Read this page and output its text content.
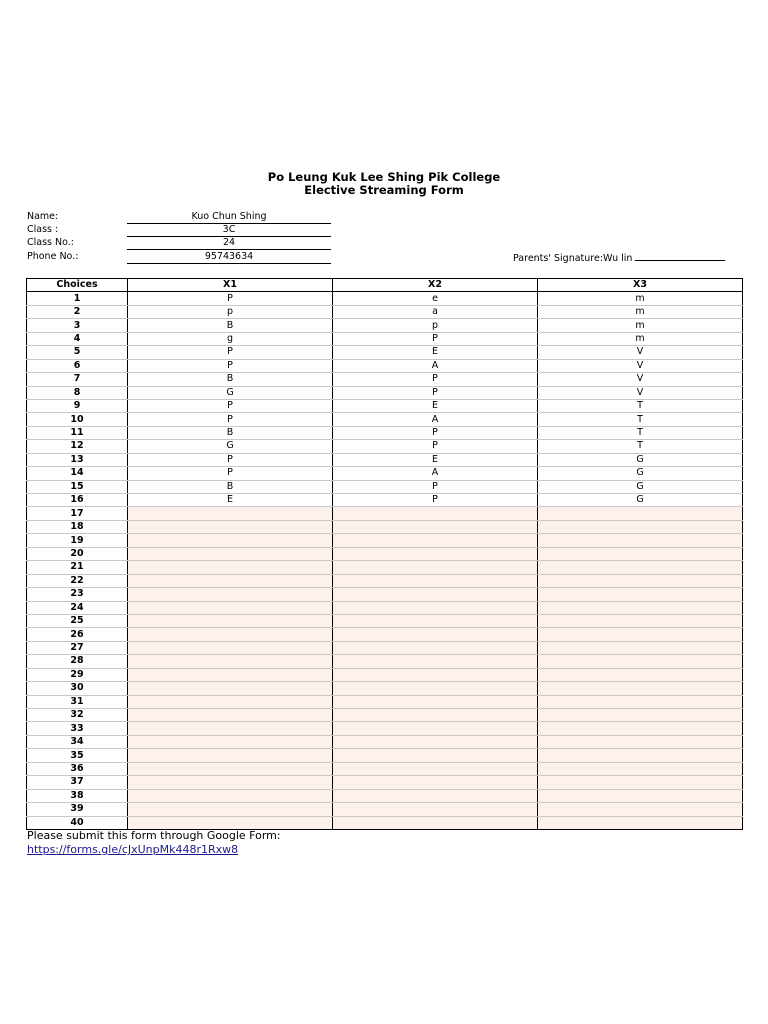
Po Leung Kuk Lee Shing Pik College
Elective Streaming Form
Name:	Kuo Chun Shing
Class :	3C
Class No.:	24
Phone No.:	95743634	Parents' Signature:Wu lin
Choices	X1	X2	X3
1	P	e	m
2	p	a	m
3	B	p	m
4	g	P	m
5	P	E	V
6	P	A	V
7	B	P	V
8	G	P	V
9	P	E	T
10	P	A	T
11	B	P	T
12	G	P	T
13	P	E	G
14	P	A	G
15	B	P	G
16	E	P	G
17			
18			
19			
20			
21			
22			
23			
24			
25			
26			
27			
28			
29			
30			
31			
32			
33			
34			
35			
36			
37			
38			
39			
40			
Please submit this form through Google Form:
https://forms.gle/cJxUnpMk448r1Rxw8
